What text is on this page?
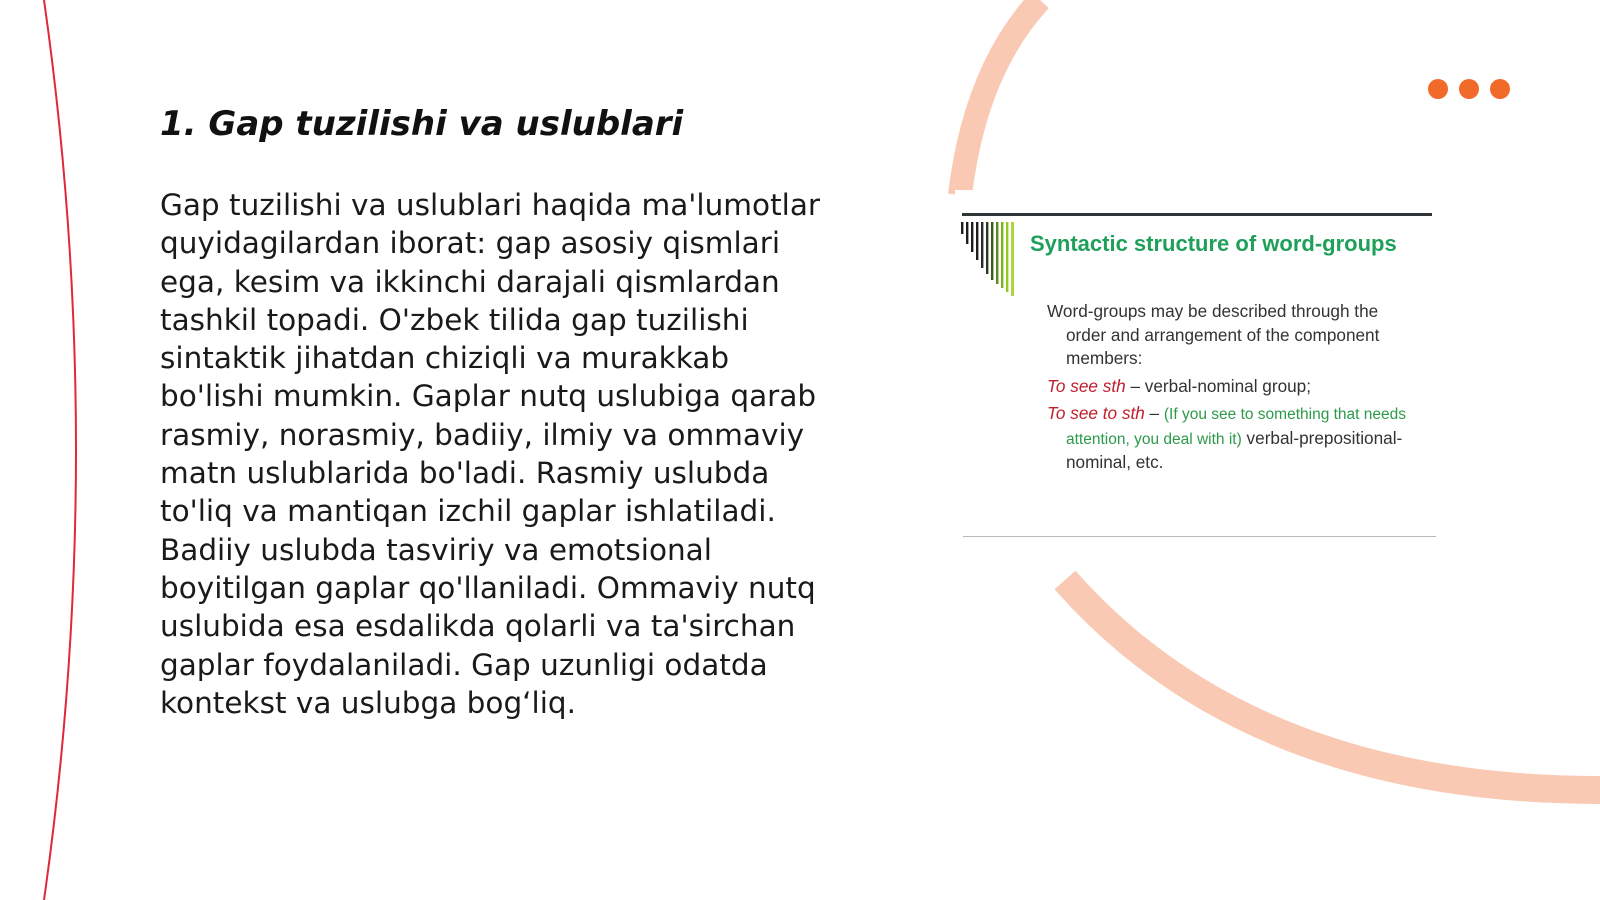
1. Gap tuzilishi va uslublari

Gap tuzilishi va uslublari haqida ma'lumotlar quyidagilardan iborat: gap asosiy qismlari ega, kesim va ikkinchi darajali qismlardan tashkil topadi. O'zbek tilida gap tuzilishi sintaktik jihatdan chiziqli va murakkab bo'lishi mumkin. Gaplar nutq uslubiga qarab rasmiy, norasmiy, badiiy, ilmiy va ommaviy matn uslublarida bo'ladi. Rasmiy uslubda to'liq va mantiqan izchil gaplar ishlatiladi. Badiiy uslubda tasviriy va emotsional boyitilgan gaplar qo'llaniladi. Ommaviy nutq uslubida esa esdalikda qolarli va ta'sirchan gaplar foydalaniladi. Gap uzunligi odatda kontekst va uslubga bog‘liq.

Syntactic structure of word-groups

Word-groups may be described through the order and arrangement of the component members:

To see sth – verbal-nominal group;

To see to sth – (If you see to something that needs attention, you deal with it) verbal-prepositional-nominal, etc.
